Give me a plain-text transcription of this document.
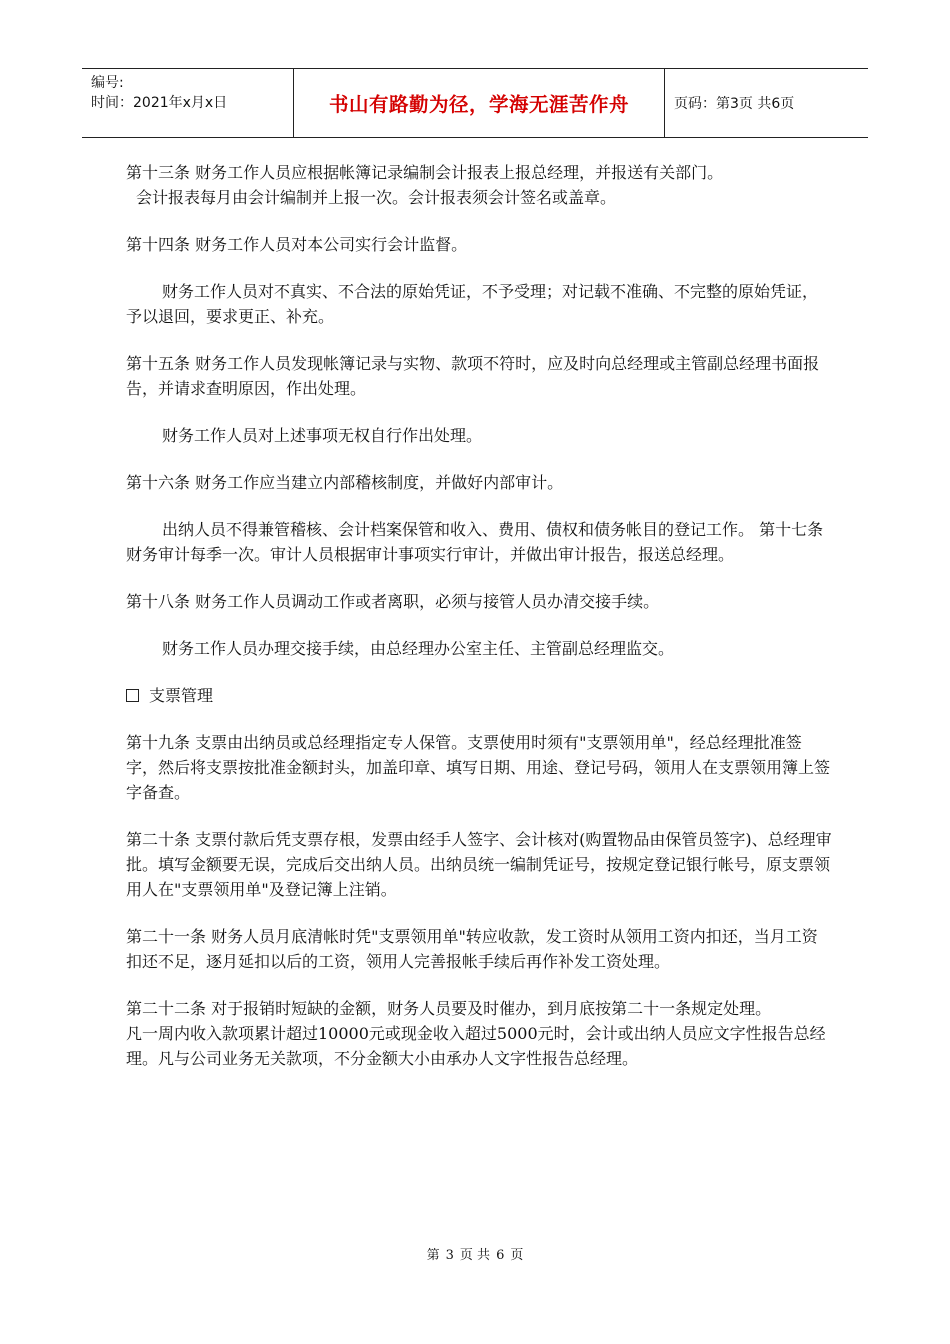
编号:
时间：2021年x月x日	书山有路勤为径，学海无涯苦作舟	页码：第3页 共6页
第十三条 财务工作人员应根据帐簿记录编制会计报表上报总经理，并报送有关部门。
会计报表每月由会计编制并上报一次。会计报表须会计签名或盖章。
第十四条 财务工作人员对本公司实行会计监督。
财务工作人员对不真实、不合法的原始凭证，不予受理；对记载不准确、不完整的原始凭证，予以退回，要求更正、补充。
第十五条 财务工作人员发现帐簿记录与实物、款项不符时，应及时向总经理或主管副总经理书面报告，并请求查明原因，作出处理。
财务工作人员对上述事项无权自行作出处理。
第十六条 财务工作应当建立内部稽核制度，并做好内部审计。
出纳人员不得兼管稽核、会计档案保管和收入、费用、债权和债务帐目的登记工作。 第十七条 财务审计每季一次。审计人员根据审计事项实行审计，并做出审计报告，报送总经理。
第十八条 财务工作人员调动工作或者离职，必须与接管人员办清交接手续。
财务工作人员办理交接手续，由总经理办公室主任、主管副总经理监交。
支票管理
第十九条 支票由出纳员或总经理指定专人保管。支票使用时须有"支票领用单"，经总经理批准签字，然后将支票按批准金额封头，加盖印章、填写日期、用途、登记号码，领用人在支票领用簿上签字备查。
第二十条 支票付款后凭支票存根，发票由经手人签字、会计核对(购置物品由保管员签字)、总经理审批。填写金额要无误，完成后交出纳人员。出纳员统一编制凭证号，按规定登记银行帐号，原支票领用人在"支票领用单"及登记簿上注销。
第二十一条 财务人员月底清帐时凭"支票领用单"转应收款，发工资时从领用工资内扣还，当月工资扣还不足，逐月延扣以后的工资，领用人完善报帐手续后再作补发工资处理。
第二十二条 对于报销时短缺的金额，财务人员要及时催办，到月底按第二十一条规定处理。
凡一周内收入款项累计超过10000元或现金收入超过5000元时，会计或出纳人员应文字性报告总经理。凡与公司业务无关款项，不分金额大小由承办人文字性报告总经理。
第 3 页 共 6 页
